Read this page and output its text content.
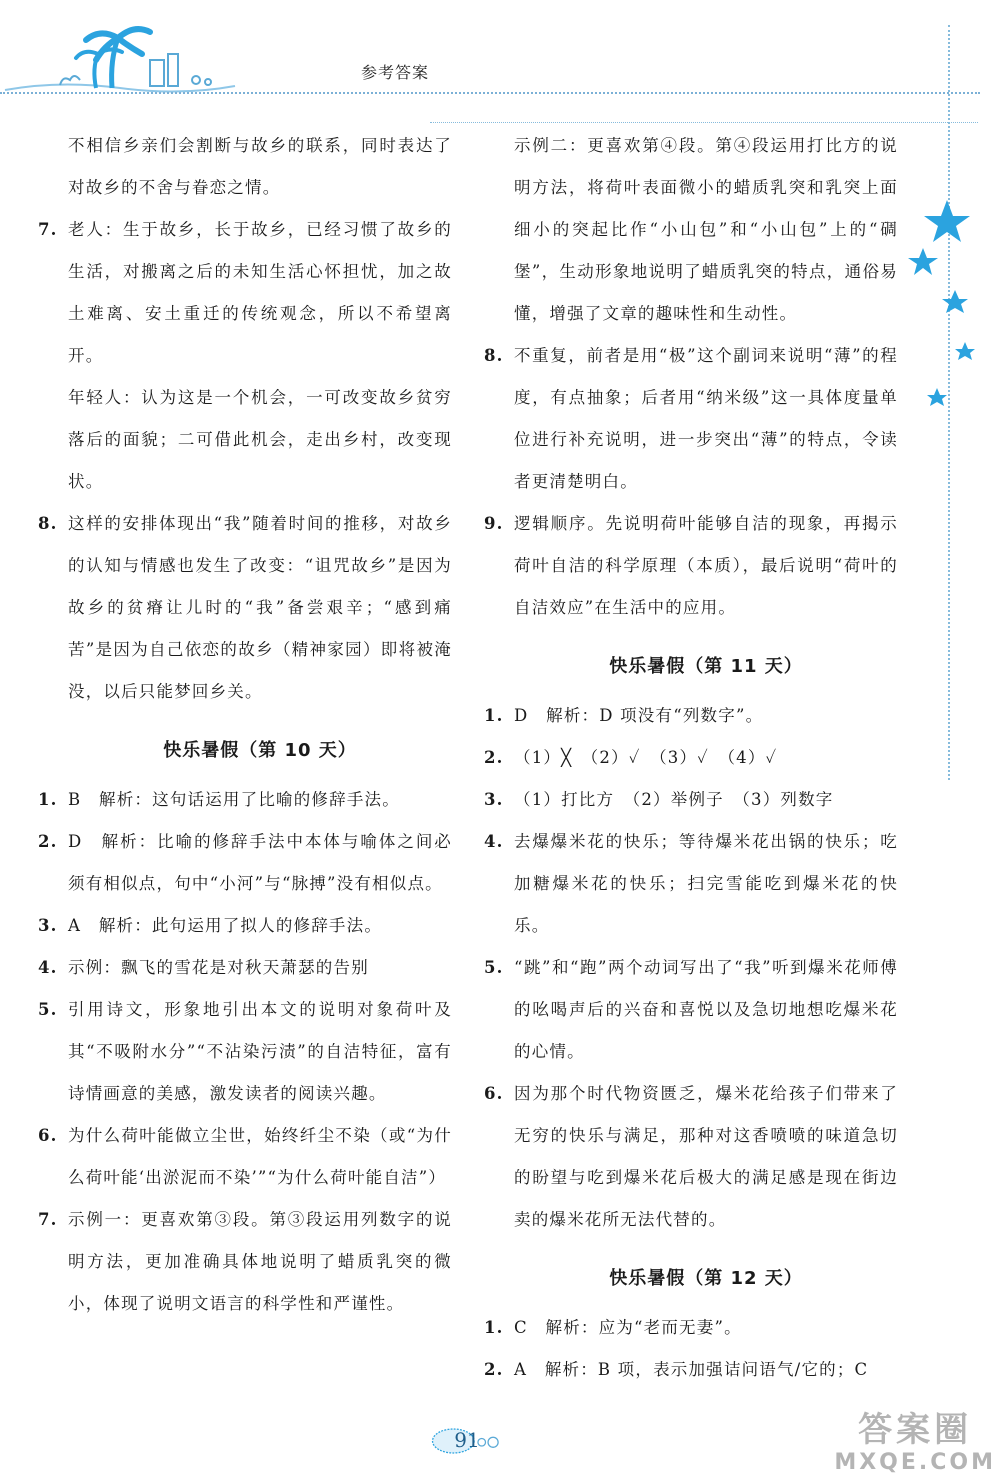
参考答案
不相信乡亲们会割断与故乡的联系，同时表达了对故乡的不舍与眷恋之情。
7. 老人：生于故乡，长于故乡，已经习惯了故乡的生活，对搬离之后的未知生活心怀担忧，加之故土难离、安土重迁的传统观念，所以不希望离开。
年轻人：认为这是一个机会，一可改变故乡贫穷落后的面貌；二可借此机会，走出乡村，改变现状。
8. 这样的安排体现出“我”随着时间的推移，对故乡的认知与情感也发生了改变：“诅咒故乡”是因为故乡的贫瘠让儿时的“我”备尝艰辛；“感到痛苦”是因为自己依恋的故乡（精神家园）即将被淹没，以后只能梦回乡关。
快乐暑假（第 10 天）
1. B　解析：这句话运用了比喻的修辞手法。
2. D　解析：比喻的修辞手法中本体与喻体之间必须有相似点，句中“小河”与“脉搏”没有相似点。
3. A　解析：此句运用了拟人的修辞手法。
4. 示例：飘飞的雪花是对秋天萧瑟的告别
5. 引用诗文，形象地引出本文的说明对象荷叶及其“不吸附水分”“不沾染污渍”的自洁特征，富有诗情画意的美感，激发读者的阅读兴趣。
6. 为什么荷叶能做立尘世，始终纤尘不染（或“为什么荷叶能‘出淤泥而不染’”“为什么荷叶能自洁”）
7. 示例一：更喜欢第③段。第③段运用列数字的说明方法，更加准确具体地说明了蜡质乳突的微小，体现了说明文语言的科学性和严谨性。
示例二：更喜欢第④段。第④段运用打比方的说明方法，将荷叶表面微小的蜡质乳突和乳突上面细小的突起比作“小山包”和“小山包”上的“碉堡”，生动形象地说明了蜡质乳突的特点，通俗易懂，增强了文章的趣味性和生动性。
8. 不重复，前者是用“极”这个副词来说明“薄”的程度，有点抽象；后者用“纳米级”这一具体度量单位进行补充说明，进一步突出“薄”的特点，令读者更清楚明白。
9. 逻辑顺序。先说明荷叶能够自洁的现象，再揭示荷叶自洁的科学原理（本质），最后说明“荷叶的自洁效应”在生活中的应用。
快乐暑假（第 11 天）
1. D　解析：D 项没有“列数字”。
2. （1）╳　（2）✓　（3）✓　（4）✓
3. （1）打比方　（2）举例子　（3）列数字
4. 去爆爆米花的快乐；等待爆米花出锅的快乐；吃加糖爆米花的快乐；扫完雪能吃到爆米花的快乐。
5. “跳”和“跑”两个动词写出了“我”听到爆米花师傅的吆喝声后的兴奋和喜悦以及急切地想吃爆米花的心情。
6. 因为那个时代物资匮乏，爆米花给孩子们带来了无穷的快乐与满足，那种对这香喷喷的味道急切的盼望与吃到爆米花后极大的满足感是现在街边卖的爆米花所无法代替的。
快乐暑假（第 12 天）
1. C　解析：应为“老而无妻”。
2. A　解析：B 项，表示加强诘问语气/它的；C
91	答案圈
MXQE.COM
